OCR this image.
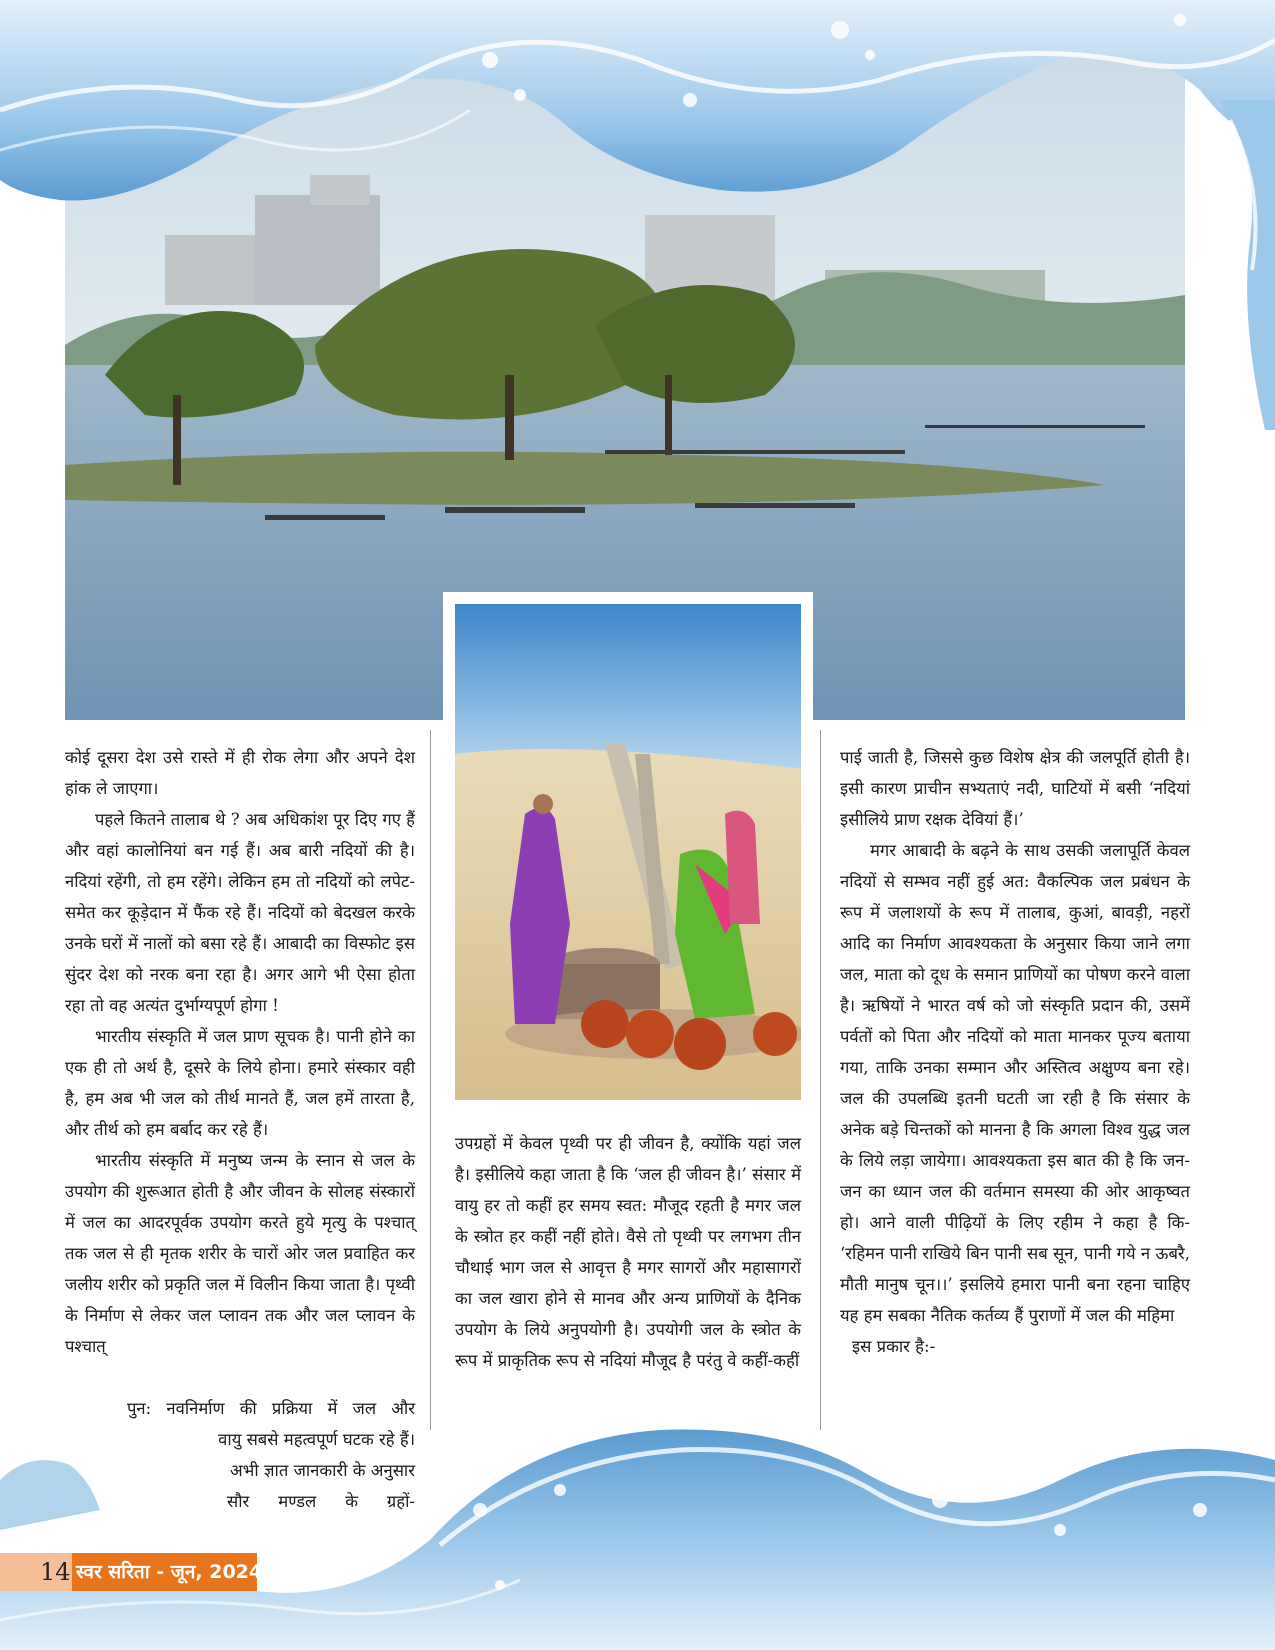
कोई दूसरा देश उसे रास्ते में ही रोक लेगा और अपने देश हांक ले जाएगा।

पहले कितने तालाब थे ? अब अधिकांश पूर दिए गए हैं और वहां कालोनियां बन गई हैं। अब बारी नदियों की है। नदियां रहेंगी, तो हम रहेंगे। लेकिन हम तो नदियों को लपेट-समेत कर कूड़ेदान में फैंक रहे हैं। नदियों को बेदखल करके उनके घरों में नालों को बसा रहे हैं। आबादी का विस्फोट इस सुंदर देश को नरक बना रहा है। अगर आगे भी ऐसा होता रहा तो वह अत्यंत दुर्भाग्यपूर्ण होगा !

भारतीय संस्कृति में जल प्राण सूचक है। पानी होने का एक ही तो अर्थ है, दूसरे के लिये होना। हमारे संस्कार वही है, हम अब भी जल को तीर्थ मानते हैं, जल हमें तारता है, और तीर्थ को हम बर्बाद कर रहे हैं।

भारतीय संस्कृति में मनुष्य जन्म के स्नान से जल के उपयोग की शुरूआत होती है और जीवन के सोलह संस्कारों में जल का आदरपूर्वक उपयोग करते हुये मृत्यु के पश्चात् तक जल से ही मृतक शरीर के चारों ओर जल प्रवाहित कर जलीय शरीर को प्रकृति जल में विलीन किया जाता है। पृथ्वी के निर्माण से लेकर जल प्लावन तक और जल प्लावन के पश्चात्

पुन: नवनिर्माण की प्रक्रिया में जल और
वायु सबसे महत्वपूर्ण घटक रहे हैं।
अभी ज्ञात जानकारी के अनुसार
सौर मण्डल के ग्रहों-

उपग्रहों में केवल पृथ्वी पर ही जीवन है, क्योंकि यहां जल है। इसीलिये कहा जाता है कि ‘जल ही जीवन है।’ संसार में वायु हर तो कहीं हर समय स्वत: मौजूद रहती है मगर जल के स्त्रोत हर कहीं नहीं होते। वैसे तो पृथ्वी पर लगभग तीन चौथाई भाग जल से आवृत्त है मगर सागरों और महासागरों का जल खारा होने से मानव और अन्य प्राणियों के दैनिक उपयोग के लिये अनुपयोगी है। उपयोगी जल के स्त्रोत के रूप में प्राकृतिक रूप से नदियां मौजूद है परंतु वे कहीं-कहीं

पाई जाती है, जिससे कुछ विशेष क्षेत्र की जलपूर्ति होती है। इसी कारण प्राचीन सभ्यताएं नदी, घाटियों में बसी ‘नदियां इसीलिये प्राण रक्षक देवियां हैं।’

मगर आबादी के बढ़ने के साथ उसकी जलापूर्ति केवल नदियों से सम्भव नहीं हुई अत: वैकल्पिक जल प्रबंधन के रूप में जलाशयों के रूप में तालाब, कुआं, बावड़ी, नहरों आदि का निर्माण आवश्यकता के अनुसार किया जाने लगा जल, माता को दूध के समान प्राणियों का पोषण करने वाला है। ऋषियों ने भारत वर्ष को जो संस्कृति प्रदान की, उसमें पर्वतों को पिता और नदियों को माता मानकर पूज्य बताया गया, ताकि उनका सम्मान और अस्तित्व अक्षुण्य बना रहे। जल की उपलब्धि इतनी घटती जा रही है कि संसार के अनेक बड़े चिन्तकों को मानना है कि अगला विश्व युद्ध जल के लिये लड़ा जायेगा। आवश्यकता इस बात की है कि जन-जन का ध्यान जल की वर्तमान समस्या की ओर आकृष्वत हो। आने वाली पीढ़ियों के लिए रहीम ने कहा है कि- ‘रहिमन पानी राखिये बिन पानी सब सून, पानी गये न ऊबरै, मौती मानुष चून।।’ इसलिये हमारा पानी बना रहना चाहिए यह हम सबका नैतिक कर्तव्य हैं पुराणों में जल की महिमा

इस प्रकार है:-

14 स्वर सरिता - जून, 2024
